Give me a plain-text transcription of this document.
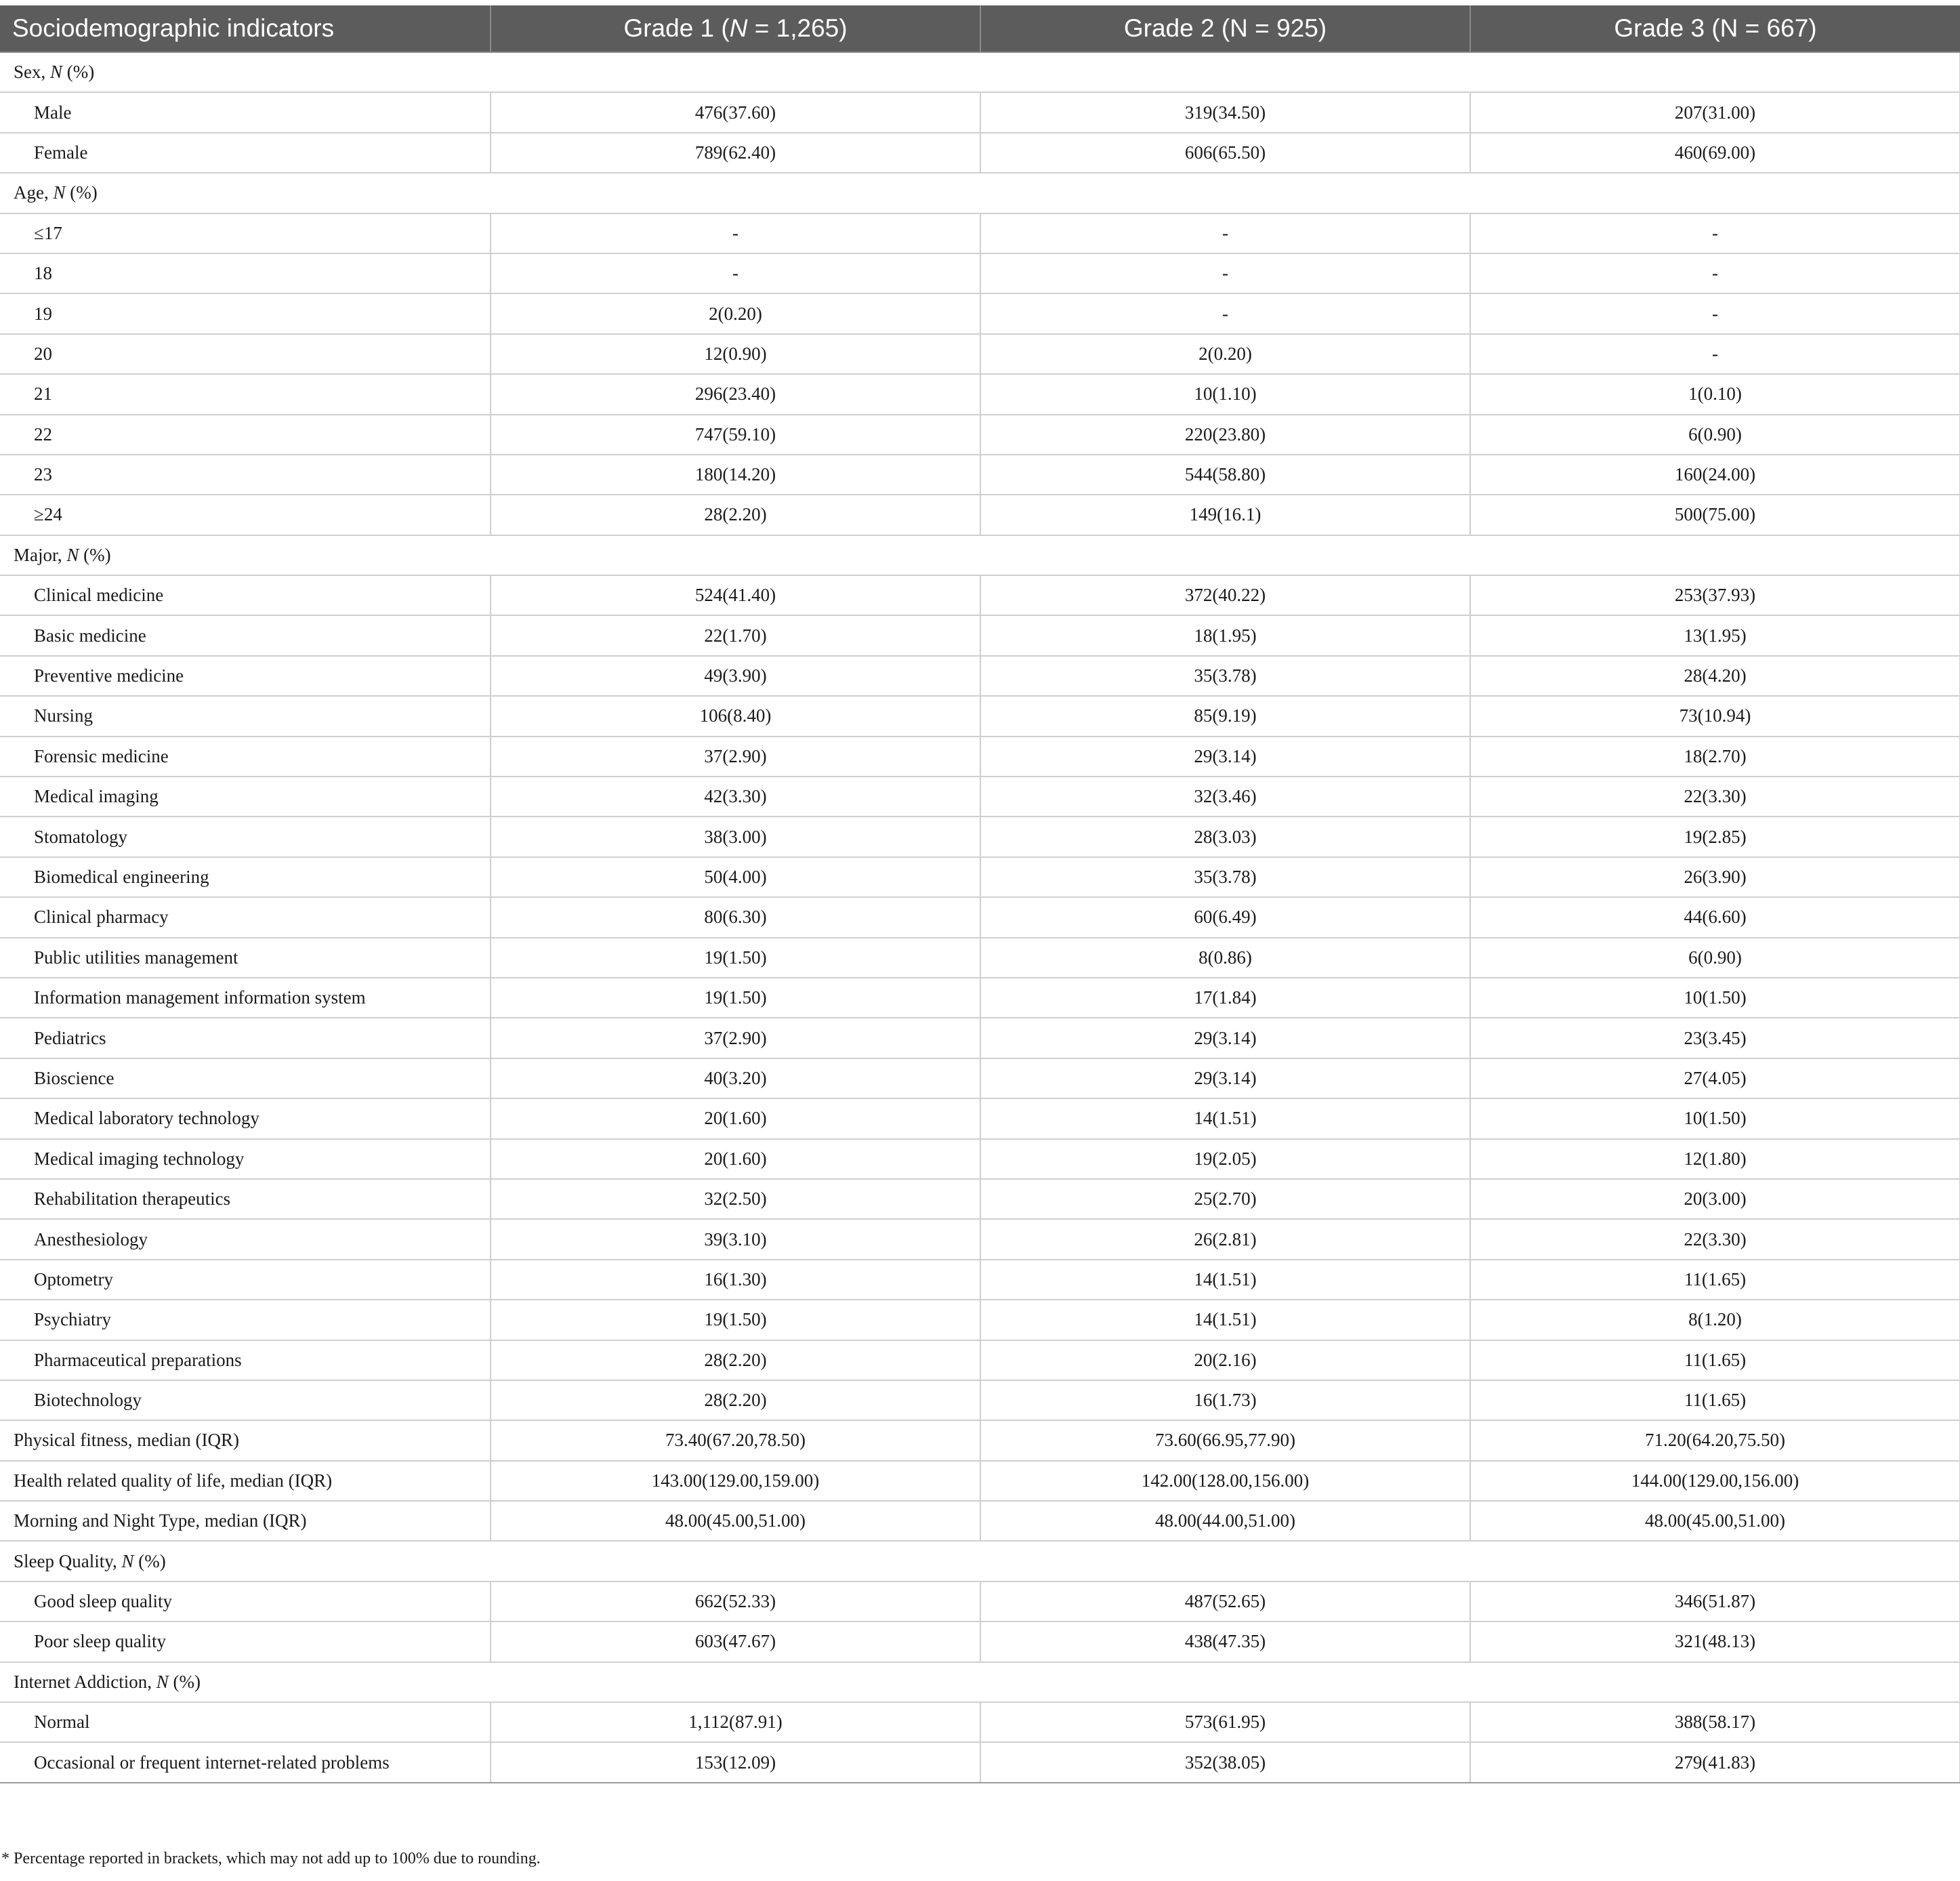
Sociodemographic indicators	Grade 1 (N = 1,265)	Grade 2 (N = 925)	Grade 3 (N = 667)
Sex, N (%)			
Male	476(37.60)	319(34.50)	207(31.00)
Female	789(62.40)	606(65.50)	460(69.00)
Age, N (%)			
≤17	-	-	-
18	-	-	-
19	2(0.20)	-	-
20	12(0.90)	2(0.20)	-
21	296(23.40)	10(1.10)	1(0.10)
22	747(59.10)	220(23.80)	6(0.90)
23	180(14.20)	544(58.80)	160(24.00)
≥24	28(2.20)	149(16.1)	500(75.00)
Major, N (%)			
Clinical medicine	524(41.40)	372(40.22)	253(37.93)
Basic medicine	22(1.70)	18(1.95)	13(1.95)
Preventive medicine	49(3.90)	35(3.78)	28(4.20)
Nursing	106(8.40)	85(9.19)	73(10.94)
Forensic medicine	37(2.90)	29(3.14)	18(2.70)
Medical imaging	42(3.30)	32(3.46)	22(3.30)
Stomatology	38(3.00)	28(3.03)	19(2.85)
Biomedical engineering	50(4.00)	35(3.78)	26(3.90)
Clinical pharmacy	80(6.30)	60(6.49)	44(6.60)
Public utilities management	19(1.50)	8(0.86)	6(0.90)
Information management information system	19(1.50)	17(1.84)	10(1.50)
Pediatrics	37(2.90)	29(3.14)	23(3.45)
Bioscience	40(3.20)	29(3.14)	27(4.05)
Medical laboratory technology	20(1.60)	14(1.51)	10(1.50)
Medical imaging technology	20(1.60)	19(2.05)	12(1.80)
Rehabilitation therapeutics	32(2.50)	25(2.70)	20(3.00)
Anesthesiology	39(3.10)	26(2.81)	22(3.30)
Optometry	16(1.30)	14(1.51)	11(1.65)
Psychiatry	19(1.50)	14(1.51)	8(1.20)
Pharmaceutical preparations	28(2.20)	20(2.16)	11(1.65)
Biotechnology	28(2.20)	16(1.73)	11(1.65)
Physical fitness, median (IQR)	73.40(67.20,78.50)	73.60(66.95,77.90)	71.20(64.20,75.50)
Health related quality of life, median (IQR)	143.00(129.00,159.00)	142.00(128.00,156.00)	144.00(129.00,156.00)
Morning and Night Type, median (IQR)	48.00(45.00,51.00)	48.00(44.00,51.00)	48.00(45.00,51.00)
Sleep Quality, N (%)			
Good sleep quality	662(52.33)	487(52.65)	346(51.87)
Poor sleep quality	603(47.67)	438(47.35)	321(48.13)
Internet Addiction, N (%)			
Normal	1,112(87.91)	573(61.95)	388(58.17)
Occasional or frequent internet-related problems	153(12.09)	352(38.05)	279(41.83)
* Percentage reported in brackets, which may not add up to 100% due to rounding.
